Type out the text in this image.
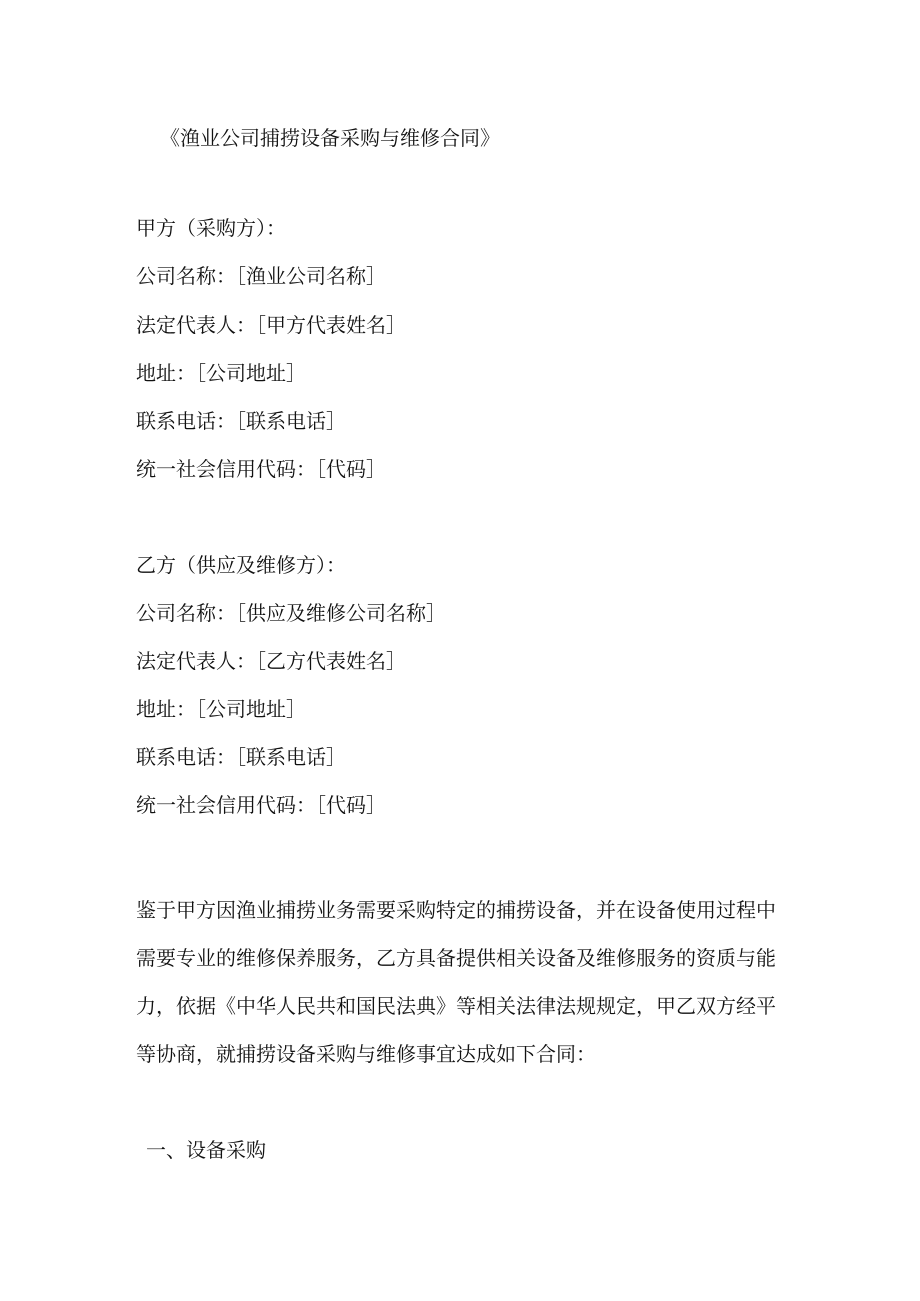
《渔业公司捕捞设备采购与维修合同》
甲方（采购方）：
公司名称：［渔业公司名称］
法定代表人：［甲方代表姓名］
地址：［公司地址］
联系电话：［联系电话］
统一社会信用代码：［代码］
乙方（供应及维修方）：
公司名称：［供应及维修公司名称］
法定代表人：［乙方代表姓名］
地址：［公司地址］
联系电话：［联系电话］
统一社会信用代码：［代码］
鉴于甲方因渔业捕捞业务需要采购特定的捕捞设备，并在设备使用过程中
需要专业的维修保养服务，乙方具备提供相关设备及维修服务的资质与能
力，依据《中华人民共和国民法典》等相关法律法规规定，甲乙双方经平
等协商，就捕捞设备采购与维修事宜达成如下合同：
一、设备采购
